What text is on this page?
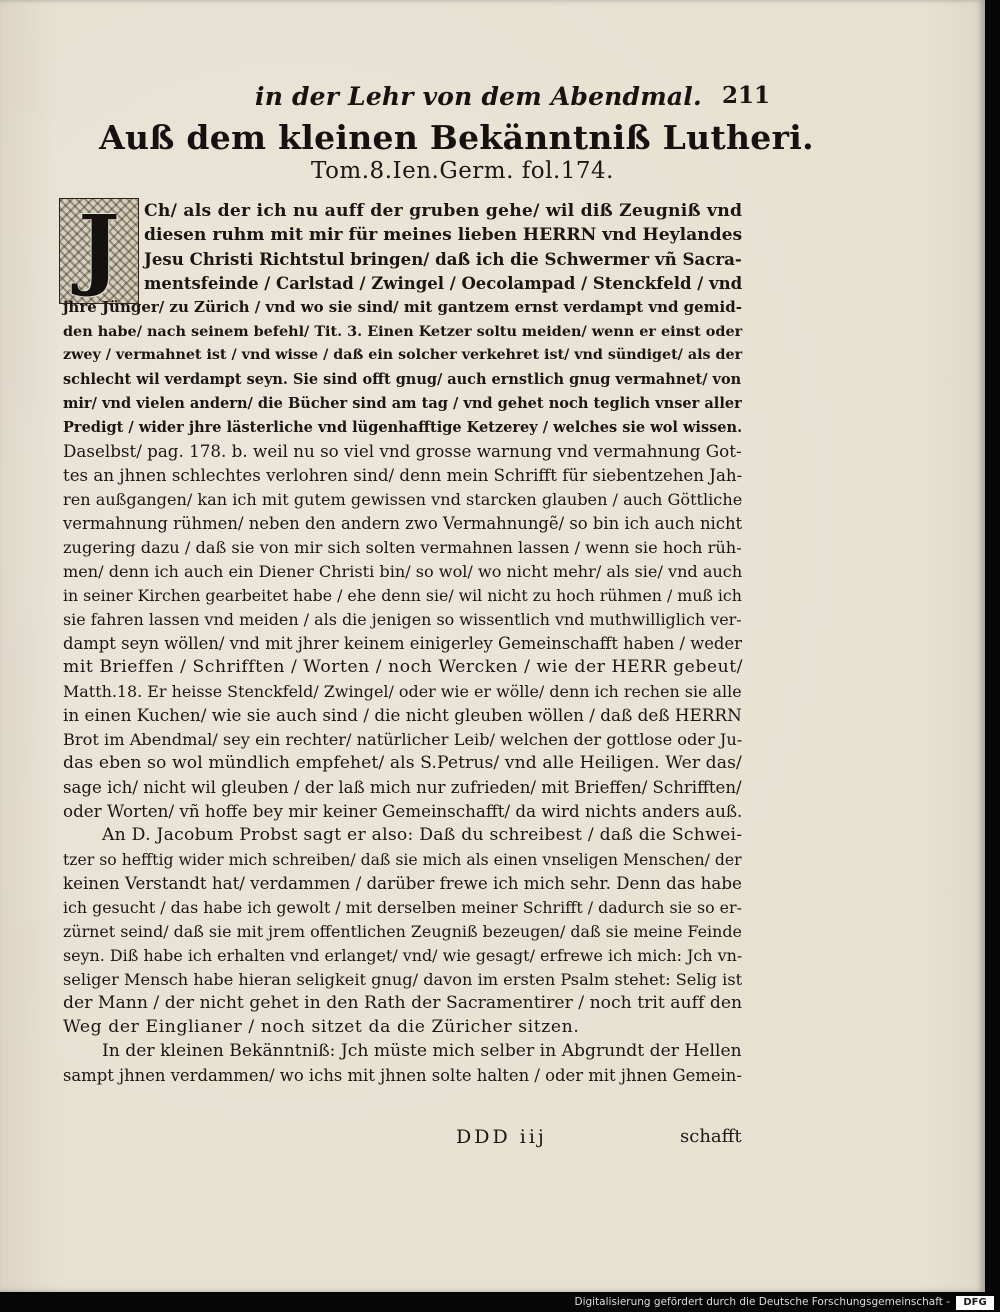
in der Lehr von dem Abendmal. 211
Auß dem kleinen Bekänntniß Lutheri.
Tom.8.Ien.Germ. fol.174.
J	Ch/ als der ich nu auff der gruben gehe/ wil diß Zeugniß vnd
diesen ruhm mit mir für meines lieben HERRN vnd Heylandes
Jesu Christi Richtstul bringen/ daß ich die Schwermer vñ Sacra-
mentsfeinde / Carlstad / Zwingel / Oecolampad / Stenckfeld / vnd
jhre Jünger/ zu Zürich / vnd wo sie sind/ mit gantzem ernst verdampt vnd gemid-
den habe/ nach seinem befehl/ Tit. 3. Einen Ketzer soltu meiden/ wenn er einst oder
zwey / vermahnet ist / vnd wisse / daß ein solcher verkehret ist/ vnd sündiget/ als der
schlecht wil verdampt seyn. Sie sind offt gnug/ auch ernstlich gnug vermahnet/ von
mir/ vnd vielen andern/ die Bücher sind am tag / vnd gehet noch teglich vnser aller
Predigt / wider jhre lästerliche vnd lügenhafftige Ketzerey / welches sie wol wissen.
Daselbst/ pag. 178. b. weil nu so viel vnd grosse warnung vnd vermahnung Got-
tes an jhnen schlechtes verlohren sind/ denn mein Schrifft für siebentzehen Jah-
ren außgangen/ kan ich mit gutem gewissen vnd starcken glauben / auch Göttliche
vermahnung rühmen/ neben den andern zwo Vermahnungẽ/ so bin ich auch nicht
zugering dazu / daß sie von mir sich solten vermahnen lassen / wenn sie hoch rüh-
men/ denn ich auch ein Diener Christi bin/ so wol/ wo nicht mehr/ als sie/ vnd auch
in seiner Kirchen gearbeitet habe / ehe denn sie/ wil nicht zu hoch rühmen / muß ich
sie fahren lassen vnd meiden / als die jenigen so wissentlich vnd muthwilliglich ver-
dampt seyn wöllen/ vnd mit jhrer keinem einigerley Gemeinschafft haben / weder
mit Brieffen / Schrifften / Worten / noch Wercken / wie der HERR gebeut/
Matth.18. Er heisse Stenckfeld/ Zwingel/ oder wie er wölle/ denn ich rechen sie alle
in einen Kuchen/ wie sie auch sind / die nicht gleuben wöllen / daß deß HERRN
Brot im Abendmal/ sey ein rechter/ natürlicher Leib/ welchen der gottlose oder Ju-
das eben so wol mündlich empfehet/ als S.Petrus/ vnd alle Heiligen. Wer das/
sage ich/ nicht wil gleuben / der laß mich nur zufrieden/ mit Brieffen/ Schrifften/
oder Worten/ vñ hoffe bey mir keiner Gemeinschafft/ da wird nichts anders auß.
An D. Jacobum Probst sagt er also: Daß du schreibest / daß die Schwei-
tzer so hefftig wider mich schreiben/ daß sie mich als einen vnseligen Menschen/ der
keinen Verstandt hat/ verdammen / darüber frewe ich mich sehr. Denn das habe
ich gesucht / das habe ich gewolt / mit derselben meiner Schrifft / dadurch sie so er-
zürnet seind/ daß sie mit jrem offentlichen Zeugniß bezeugen/ daß sie meine Feinde
seyn. Diß habe ich erhalten vnd erlanget/ vnd/ wie gesagt/ erfrewe ich mich: Jch vn-
seliger Mensch habe hieran seligkeit gnug/ davon im ersten Psalm stehet: Selig ist
der Mann / der nicht gehet in den Rath der Sacramentirer / noch trit auff den
Weg der Einglianer / noch sitzet da die Züricher sitzen.
In der kleinen Bekänntniß: Jch müste mich selber in Abgrundt der Hellen
sampt jhnen verdammen/ wo ichs mit jhnen solte halten / oder mit jhnen Gemein-
DDD iij	schafft
Digitalisierung gefördert durch die Deutsche Forschungsgemeinschaft -	DFG
